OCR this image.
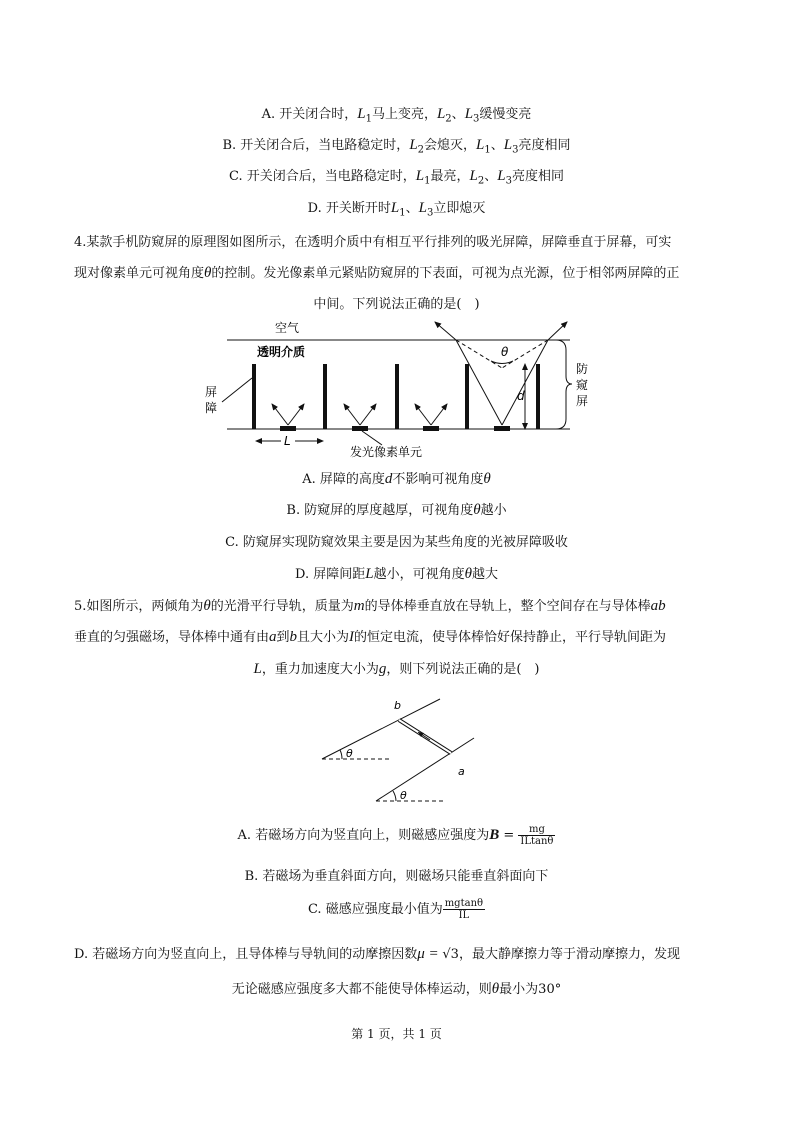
A. 开关闭合时，$L_1$马上变亮，$L_2$、$L_3$缓慢变亮
B. 开关闭合后，当电路稳定时，$L_2$会熄灭，$L_1$、$L_3$亮度相同
C. 开关闭合后，当电路稳定时，$L_1$最亮，$L_2$、$L_3$亮度相同
D. 开关断开时$L_1$、$L_3$立即熄灭
4.某款手机防窥屏的原理图如图所示，在透明介质中有相互平行排列的吸光屏障，屏障垂直于屏幕，可实
现对像素单元可视角度θ的控制。发光像素单元紧贴防窥屏的下表面，可视为点光源，位于相邻两屏障的正
中间。下列说法正确的是(　)
空气
透明介质
屏
障
θ
L
发光像素单元
d
防
窥
屏
A. 屏障的高度d不影响可视角度θ
B. 防窥屏的厚度越厚，可视角度θ越小
C. 防窥屏实现防窥效果主要是因为某些角度的光被屏障吸收
D. 屏障间距L越小，可视角度θ越大
5.如图所示，两倾角为θ的光滑平行导轨，质量为m的导体棒垂直放在导轨上，整个空间存在与导体棒ab
垂直的匀强磁场，导体棒中通有由a到b且大小为I的恒定电流，使导体棒恰好保持静止，平行导轨间距为
L，重力加速度大小为g，则下列说法正确的是(　)
θ
θ
b
a
A. 若磁场方向为竖直向上，则磁感应强度为$B = \frac{mg}{ILtan\theta}$
B. 若磁场为垂直斜面方向，则磁场只能垂直斜面向下
C. 磁感应强度最小值为 $\frac{mgtan\theta}{IL}$
D. 若磁场方向为竖直向上，且导体棒与导轨间的动摩擦因数μ = √3，最大静摩擦力等于滑动摩擦力，发现
无论磁感应强度多大都不能使导体棒运动，则θ最小为30°
第 1 页，共 1 页
